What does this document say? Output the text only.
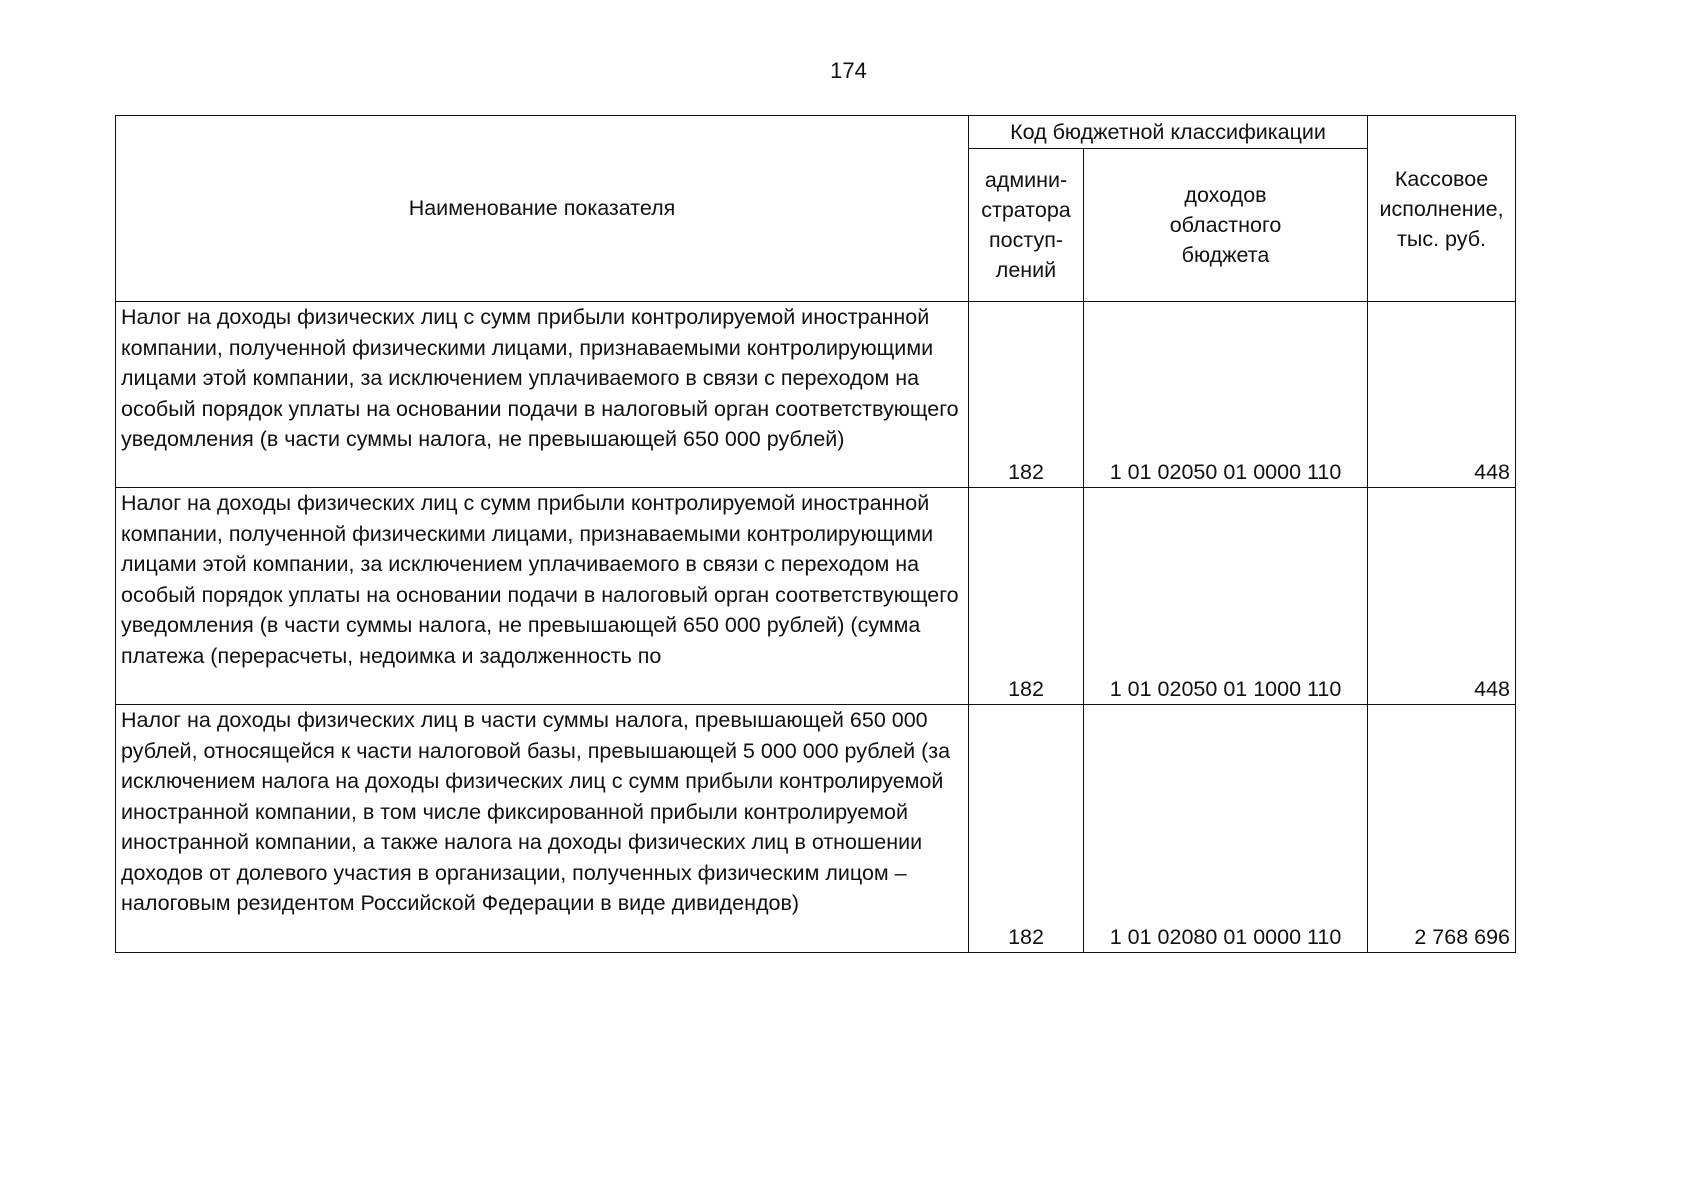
174
Наименование показателя	Код бюджетной классификации		Кассовое
исполнение,
тыс. руб.
	админи-
стратора
поступ-
лений	доходов
областного
бюджета	
Налог на доходы физических лиц с сумм прибыли контролируемой иностранной компании, полученной физическими лицами, признаваемыми контролирующими лицами этой компании, за исключением уплачиваемого в связи с переходом на особый порядок уплаты на основании подачи в налоговый орган соответствующего уведомления (в части суммы налога, не превышающей 650 000 рублей)	182	1 01 02050 01 0000 110	448

Налог на доходы физических лиц с сумм прибыли контролируемой иностранной компании, полученной физическими лицами, признаваемыми контролирующими лицами этой компании, за исключением уплачиваемого в связи с переходом на особый порядок уплаты на основании подачи в налоговый орган соответствующего уведомления (в части суммы налога, не превышающей 650 000 рублей) (сумма платежа (перерасчеты, недоимка и задолженность по	182	1 01 02050 01 1000 110	448
Налог на доходы физических лиц в части суммы налога, превышающей 650 000 рублей, относящейся к части налоговой базы, превышающей 5 000 000 рублей (за исключением налога на доходы физических лиц с сумм прибыли контролируемой иностранной компании, в том числе фиксированной прибыли контролируемой иностранной компании, а также налога на доходы физических лиц в отношении доходов от долевого участия в организации, полученных физическим лицом – налоговым резидентом Российской Федерации в виде дивидендов)	182	1 01 02080 01 0000 110	2 768 696
